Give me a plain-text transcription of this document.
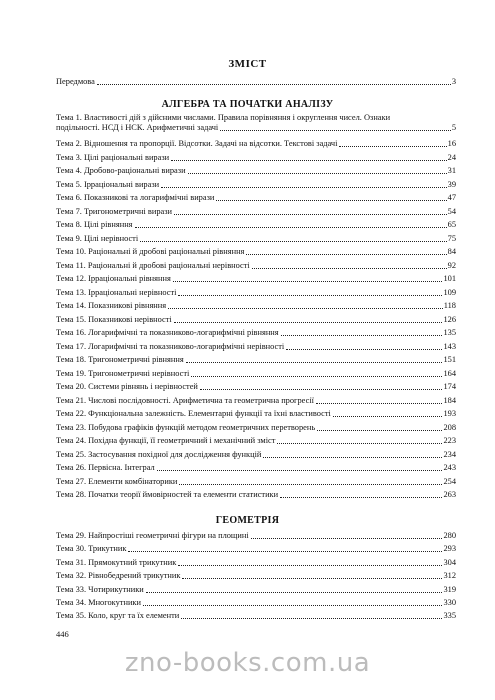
ЗМІСТ
Передмова	3
АЛГЕБРА ТА ПОЧАТКИ АНАЛІЗУ
Тема 1. Властивості дій з дійсними числами. Правила порівняння і округлення чисел. Ознаки
подільності. НСД і НСК. Арифметичні задачі	5
Тема 2. Відношення та пропорції. Відсотки. Задачі на відсотки. Текстові задачі	16
Тема 3. Цілі раціональні вирази	24
Тема 4. Дробово-раціональні вирази	31
Тема 5. Ірраціональні вирази	39
Тема 6. Показникові та логарифмічні вирази	47
Тема 7. Тригонометричні вирази	54
Тема 8. Цілі рівняння	65
Тема 9. Цілі нерівності	75
Тема 10. Раціональні й дробові раціональні рівняння	84
Тема 11. Раціональні й дробові раціональні нерівності	92
Тема 12. Ірраціональні рівняння	101
Тема 13. Ірраціональні нерівності	109
Тема 14. Показникові рівняння	118
Тема 15. Показникові нерівності	126
Тема 16. Логарифмічні та показниково-логарифмічні рівняння	135
Тема 17. Логарифмічні та показниково-логарифмічні нерівності	143
Тема 18. Тригонометричні рівняння	151
Тема 19. Тригонометричні нерівності	164
Тема 20. Системи рівнянь і нерівностей	174
Тема 21. Числові послідовності. Арифметична та геометрична прогресії	184
Тема 22. Функціональна залежність. Елементарні функції та їхні властивості	193
Тема 23. Побудова графіків функцій методом геометричних перетворень	208
Тема 24. Похідна функції, її геометричний і механічний зміст	223
Тема 25. Застосування похідної для дослідження функцій	234
Тема 26. Первісна. Інтеграл	243
Тема 27. Елементи комбінаторики	254
Тема 28. Початки теорії ймовірностей та елементи статистики	263
ГЕОМЕТРІЯ
Тема 29. Найпростіші геометричні фігури на площині	280
Тема 30. Трикутник	293
Тема 31. Прямокутний трикутник	304
Тема 32. Рівнобедрений трикутник	312
Тема 33. Чотирикутники	319
Тема 34. Многокутники	330
Тема 35. Коло, круг та їх елементи	335
446
zno-books.com.ua
